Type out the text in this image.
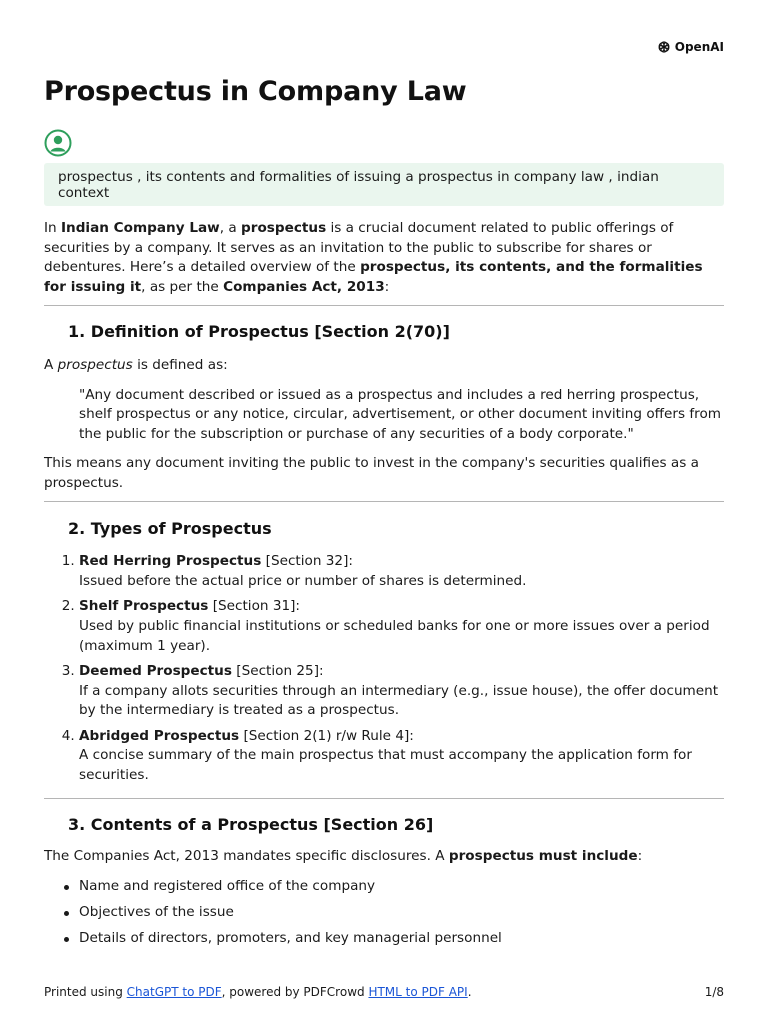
OpenAI
Prospectus in Company Law
prospectus , its contents and formalities of issuing a prospectus in company law , indian context

In Indian Company Law, a prospectus is a crucial document related to public offerings of securities by a company. It serves as an invitation to the public to subscribe for shares or debentures. Here’s a detailed overview of the prospectus, its contents, and the formalities for issuing it, as per the Companies Act, 2013:

1. Definition of Prospectus [Section 2(70)]

A prospectus is defined as:

"Any document described or issued as a prospectus and includes a red herring prospectus, shelf prospectus or any notice, circular, advertisement, or other document inviting offers from the public for the subscription or purchase of any securities of a body corporate."

This means any document inviting the public to invest in the company's securities qualifies as a prospectus.

2. Types of Prospectus
1. Red Herring Prospectus [Section 32]:
Issued before the actual price or number of shares is determined.
2. Shelf Prospectus [Section 31]:
Used by public financial institutions or scheduled banks for one or more issues over a period (maximum 1 year).
3. Deemed Prospectus [Section 25]:
If a company allots securities through an intermediary (e.g., issue house), the offer document by the intermediary is treated as a prospectus.
4. Abridged Prospectus [Section 2(1) r/w Rule 4]:
A concise summary of the main prospectus that must accompany the application form for securities.
3. Contents of a Prospectus [Section 26]

The Companies Act, 2013 mandates specific disclosures. A prospectus must include:

Name and registered office of the company
Objectives of the issue
Details of directors, promoters, and key managerial personnel
Printed using ChatGPT to PDF, powered by PDFCrowd HTML to PDF API.	1/8
